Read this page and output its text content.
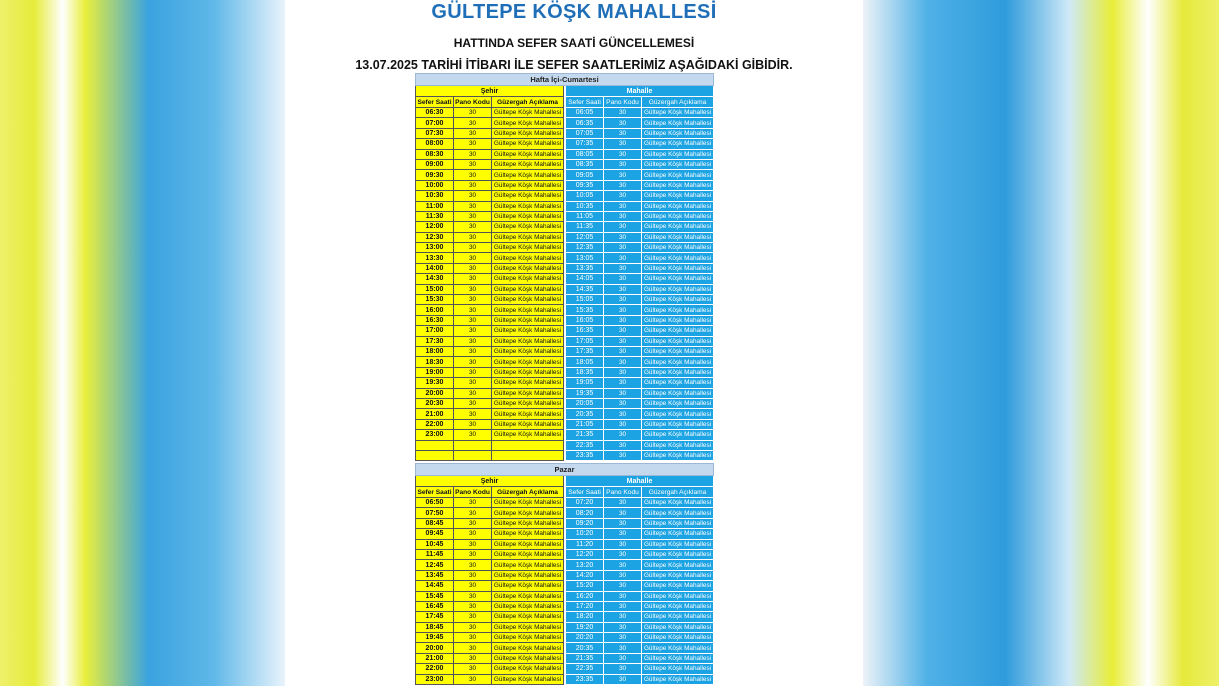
GÜLTEPE KÖŞK MAHALLESİ
HATTINDA SEFER SAATİ GÜNCELLEMESİ
13.07.2025 TARİHİ İTİBARI İLE SEFER SAATLERİMİZ AŞAĞIDAKİ GİBİDİR.
Hafta İçi-Cumartesi						
Şehir				Mahalle		
Sefer Saati	Pano Kodu	Güzergah Açıklama		Sefer Saati	Pano Kodu	Güzergah Açıklama
06:30	30	Gültepe Köşk Mahallesi		06:05	30	Gültepe Köşk Mahallesi
07:00	30	Gültepe Köşk Mahallesi		06:35	30	Gültepe Köşk Mahallesi
07:30	30	Gültepe Köşk Mahallesi		07:05	30	Gültepe Köşk Mahallesi
08:00	30	Gültepe Köşk Mahallesi		07:35	30	Gültepe Köşk Mahallesi
08:30	30	Gültepe Köşk Mahallesi		08:05	30	Gültepe Köşk Mahallesi
09:00	30	Gültepe Köşk Mahallesi		08:35	30	Gültepe Köşk Mahallesi
09:30	30	Gültepe Köşk Mahallesi		09:05	30	Gültepe Köşk Mahallesi
10:00	30	Gültepe Köşk Mahallesi		09:35	30	Gültepe Köşk Mahallesi
10:30	30	Gültepe Köşk Mahallesi		10:05	30	Gültepe Köşk Mahallesi
11:00	30	Gültepe Köşk Mahallesi		10:35	30	Gültepe Köşk Mahallesi
11:30	30	Gültepe Köşk Mahallesi		11:05	30	Gültepe Köşk Mahallesi
12:00	30	Gültepe Köşk Mahallesi		11:35	30	Gültepe Köşk Mahallesi
12:30	30	Gültepe Köşk Mahallesi		12:05	30	Gültepe Köşk Mahallesi
13:00	30	Gültepe Köşk Mahallesi		12:35	30	Gültepe Köşk Mahallesi
13:30	30	Gültepe Köşk Mahallesi		13:05	30	Gültepe Köşk Mahallesi
14:00	30	Gültepe Köşk Mahallesi		13:35	30	Gültepe Köşk Mahallesi
14:30	30	Gültepe Köşk Mahallesi		14:05	30	Gültepe Köşk Mahallesi
15:00	30	Gültepe Köşk Mahallesi		14:35	30	Gültepe Köşk Mahallesi
15:30	30	Gültepe Köşk Mahallesi		15:05	30	Gültepe Köşk Mahallesi
16:00	30	Gültepe Köşk Mahallesi		15:35	30	Gültepe Köşk Mahallesi
16:30	30	Gültepe Köşk Mahallesi		16:05	30	Gültepe Köşk Mahallesi
17:00	30	Gültepe Köşk Mahallesi		16:35	30	Gültepe Köşk Mahallesi
17:30	30	Gültepe Köşk Mahallesi		17:05	30	Gültepe Köşk Mahallesi
18:00	30	Gültepe Köşk Mahallesi		17:35	30	Gültepe Köşk Mahallesi
18:30	30	Gültepe Köşk Mahallesi		18:05	30	Gültepe Köşk Mahallesi
19:00	30	Gültepe Köşk Mahallesi		18:35	30	Gültepe Köşk Mahallesi
19:30	30	Gültepe Köşk Mahallesi		19:05	30	Gültepe Köşk Mahallesi
20:00	30	Gültepe Köşk Mahallesi		19:35	30	Gültepe Köşk Mahallesi
20:30	30	Gültepe Köşk Mahallesi		20:05	30	Gültepe Köşk Mahallesi
21:00	30	Gültepe Köşk Mahallesi		20:35	30	Gültepe Köşk Mahallesi
22:00	30	Gültepe Köşk Mahallesi		21:05	30	Gültepe Köşk Mahallesi
23:00	30	Gültepe Köşk Mahallesi		21:35	30	Gültepe Köşk Mahallesi
				22:35	30	Gültepe Köşk Mahallesi
				23:35	30	Gültepe Köşk Mahallesi
Pazar						
Şehir				Mahalle		
Sefer Saati	Pano Kodu	Güzergah Açıklama		Sefer Saati	Pano Kodu	Güzergah Açıklama
06:50	30	Gültepe Köşk Mahallesi		07:20	30	Gültepe Köşk Mahallesi
07:50	30	Gültepe Köşk Mahallesi		08:20	30	Gültepe Köşk Mahallesi
08:45	30	Gültepe Köşk Mahallesi		09:20	30	Gültepe Köşk Mahallesi
09:45	30	Gültepe Köşk Mahallesi		10:20	30	Gültepe Köşk Mahallesi
10:45	30	Gültepe Köşk Mahallesi		11:20	30	Gültepe Köşk Mahallesi
11:45	30	Gültepe Köşk Mahallesi		12:20	30	Gültepe Köşk Mahallesi
12:45	30	Gültepe Köşk Mahallesi		13:20	30	Gültepe Köşk Mahallesi
13:45	30	Gültepe Köşk Mahallesi		14:20	30	Gültepe Köşk Mahallesi
14:45	30	Gültepe Köşk Mahallesi		15:20	30	Gültepe Köşk Mahallesi
15:45	30	Gültepe Köşk Mahallesi		16:20	30	Gültepe Köşk Mahallesi
16:45	30	Gültepe Köşk Mahallesi		17:20	30	Gültepe Köşk Mahallesi
17:45	30	Gültepe Köşk Mahallesi		18:20	30	Gültepe Köşk Mahallesi
18:45	30	Gültepe Köşk Mahallesi		19:20	30	Gültepe Köşk Mahallesi
19:45	30	Gültepe Köşk Mahallesi		20:20	30	Gültepe Köşk Mahallesi
20:00	30	Gültepe Köşk Mahallesi		20:35	30	Gültepe Köşk Mahallesi
21:00	30	Gültepe Köşk Mahallesi		21:35	30	Gültepe Köşk Mahallesi
22:00	30	Gültepe Köşk Mahallesi		22:35	30	Gültepe Köşk Mahallesi
23:00	30	Gültepe Köşk Mahallesi		23:35	30	Gültepe Köşk Mahallesi
